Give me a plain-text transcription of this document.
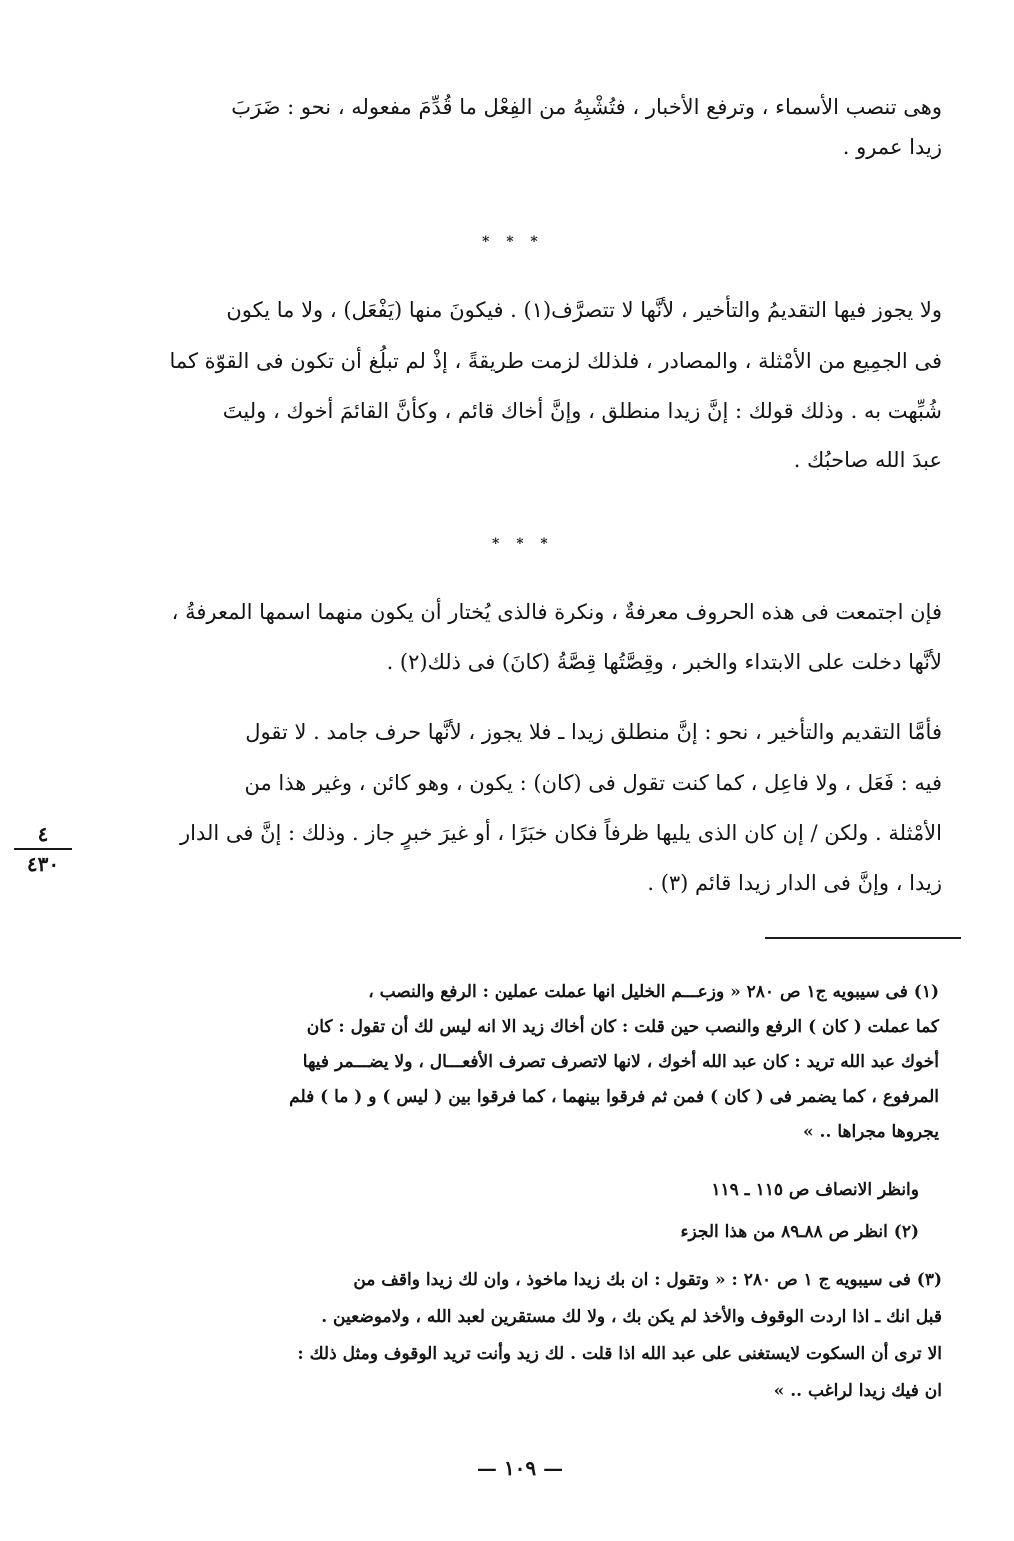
وهى تنصب الأسماء ، وترفع الأخبار ، فتُشْبِهُ من الفِعْل ما قُدِّمَ مفعوله ، نحو : ضَرَبَ
زيدا عمرو .
* * *
ولا يجوز فيها التقديمُ والتأخير ، لأنَّها لا تتصرَّف(١) . فيكونَ منها (يَفْعَل) ، ولا ما يكون
فى الجمِيع من الأمْثلة ، والمصادر ، فلذلك لزمت طريقةً ، إذْ لم تبلُغ أن تكون فى القوّة كما
شُبِّهت به . وذلك قولك : إنَّ زيدا منطلق ، وإنَّ أخاك قائم ، وكأنَّ القائمَ أخوك ، وليتَ
عبدَ الله صاحبُك .
* * *
فإن اجتمعت فى هذه الحروف معرفةٌ ، ونكرة فالذى يُختار أن يكون منهما اسمها المعرفةُ ،
لأنَّها دخلت على الابتداء والخبر ، وقِصَّتُها قِصَّةُ (كانَ) فى ذلك(٢) .
فأمَّا التقديم والتأخير ، نحو : إنَّ منطلق زيدا ـ فلا يجوز ، لأنَّها حرف جامد . لا تقول
فيه : فَعَل ، ولا فاعِل ، كما كنت تقول فى (كان) : يكون ، وهو كائن ، وغير هذا من
الأمْثلة . ولكن / إن كان الذى يليها ظرفاً فكان خبَرًا ، أو غيرَ خبرٍ جاز . وذلك : إنَّ فى الدار
زيدا ، وإنَّ فى الدار زيدا قائم (٣) .
٤
٤٣٠
(١) فى سيبويه ج١ ص ٢٨٠ « وزعـــم الخليل انها عملت عملين : الرفع والنصب ،
كما عملت ( كان ) الرفع والنصب حين قلت : كان أخاك زيد الا انه ليس لك أن تقول : كان
أخوك عبد الله تريد : كان عبد الله أخوك ، لانها لاتصرف تصرف الأفعـــال ، ولا يضـــمر فيها
المرفوع ، كما يضمر فى ( كان ) فمن ثم فرقوا بينهما ، كما فرقوا بين ( ليس ) و ( ما ) فلم
يجروها مجراها .. »
وانظر الانصاف ص ١١٥ ـ ١١٩
(٢) انظر ص ٨٨ـ٨٩ من هذا الجزء
(٣) فى سيبويه ج ١ ص ٢٨٠ : « وتقول : ان بك زيدا ماخوذ ، وان لك زيدا واقف من
قبل انك ـ اذا اردت الوقوف والأخذ لم يكن بك ، ولا لك مستقرين لعبد الله ، ولاموضعين .
الا ترى أن السكوت لايستغنى على عبد الله اذا قلت . لك زيد وأنت تريد الوقوف ومثل ذلك :
ان فيك زيدا لراغب .. »
— ١٠٩ —
